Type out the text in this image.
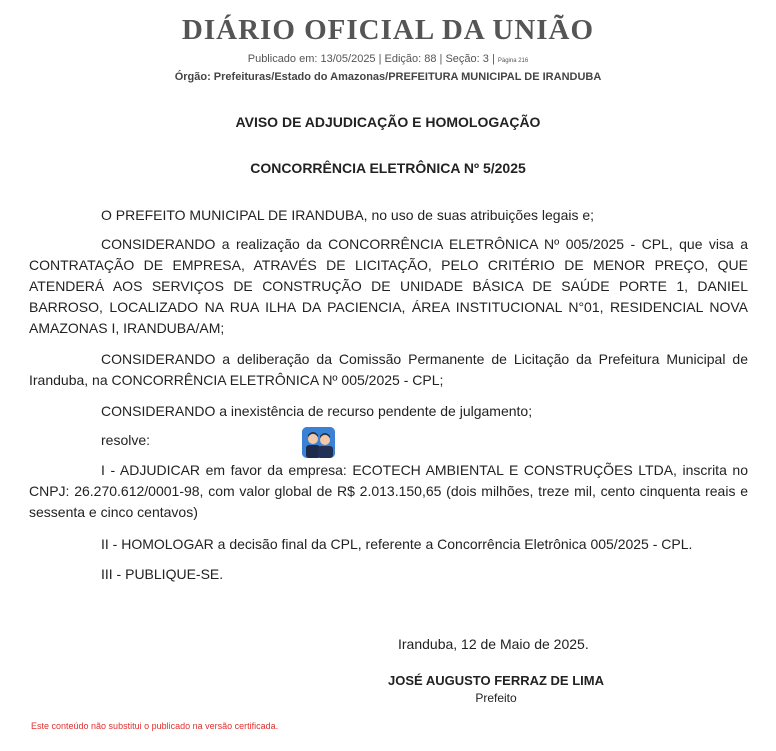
DIÁRIO OFICIAL DA UNIÃO
Publicado em: 13/05/2025 | Edição: 88 | Seção: 3 | Página 216
Órgão: Prefeituras/Estado do Amazonas/PREFEITURA MUNICIPAL DE IRANDUBA
AVISO DE ADJUDICAÇÃO E HOMOLOGAÇÃO
CONCORRÊNCIA ELETRÔNICA Nº 5/2025

O PREFEITO MUNICIPAL DE IRANDUBA, no uso de suas atribuições legais e;

CONSIDERANDO a realização da CONCORRÊNCIA ELETRÔNICA Nº 005/2025 - CPL, que visa a CONTRATAÇÃO DE EMPRESA, ATRAVÉS DE LICITAÇÃO, PELO CRITÉRIO DE MENOR PREÇO, QUE ATENDERÁ AOS SERVIÇOS DE CONSTRUÇÃO DE UNIDADE BÁSICA DE SAÚDE PORTE 1, DANIEL BARROSO, LOCALIZADO NA RUA ILHA DA PACIENCIA, ÁREA INSTITUCIONAL N°01, RESIDENCIAL NOVA AMAZONAS I, IRANDUBA/AM;

CONSIDERANDO a deliberação da Comissão Permanente de Licitação da Prefeitura Municipal de Iranduba, na CONCORRÊNCIA ELETRÔNICA Nº 005/2025 - CPL;

CONSIDERANDO a inexistência de recurso pendente de julgamento;

resolve:

I - ADJUDICAR em favor da empresa: ECOTECH AMBIENTAL E CONSTRUÇÕES LTDA, inscrita no CNPJ: 26.270.612/0001-98, com valor global de R$ 2.013.150,65 (dois milhões, treze mil, cento cinquenta reais e sessenta e cinco centavos)

II - HOMOLOGAR a decisão final da CPL, referente a Concorrência Eletrônica 005/2025 - CPL.

III - PUBLIQUE-SE.

Iranduba, 12 de Maio de 2025.
JOSÉ AUGUSTO FERRAZ DE LIMA
Prefeito
Este conteúdo não substitui o publicado na versão certificada.
